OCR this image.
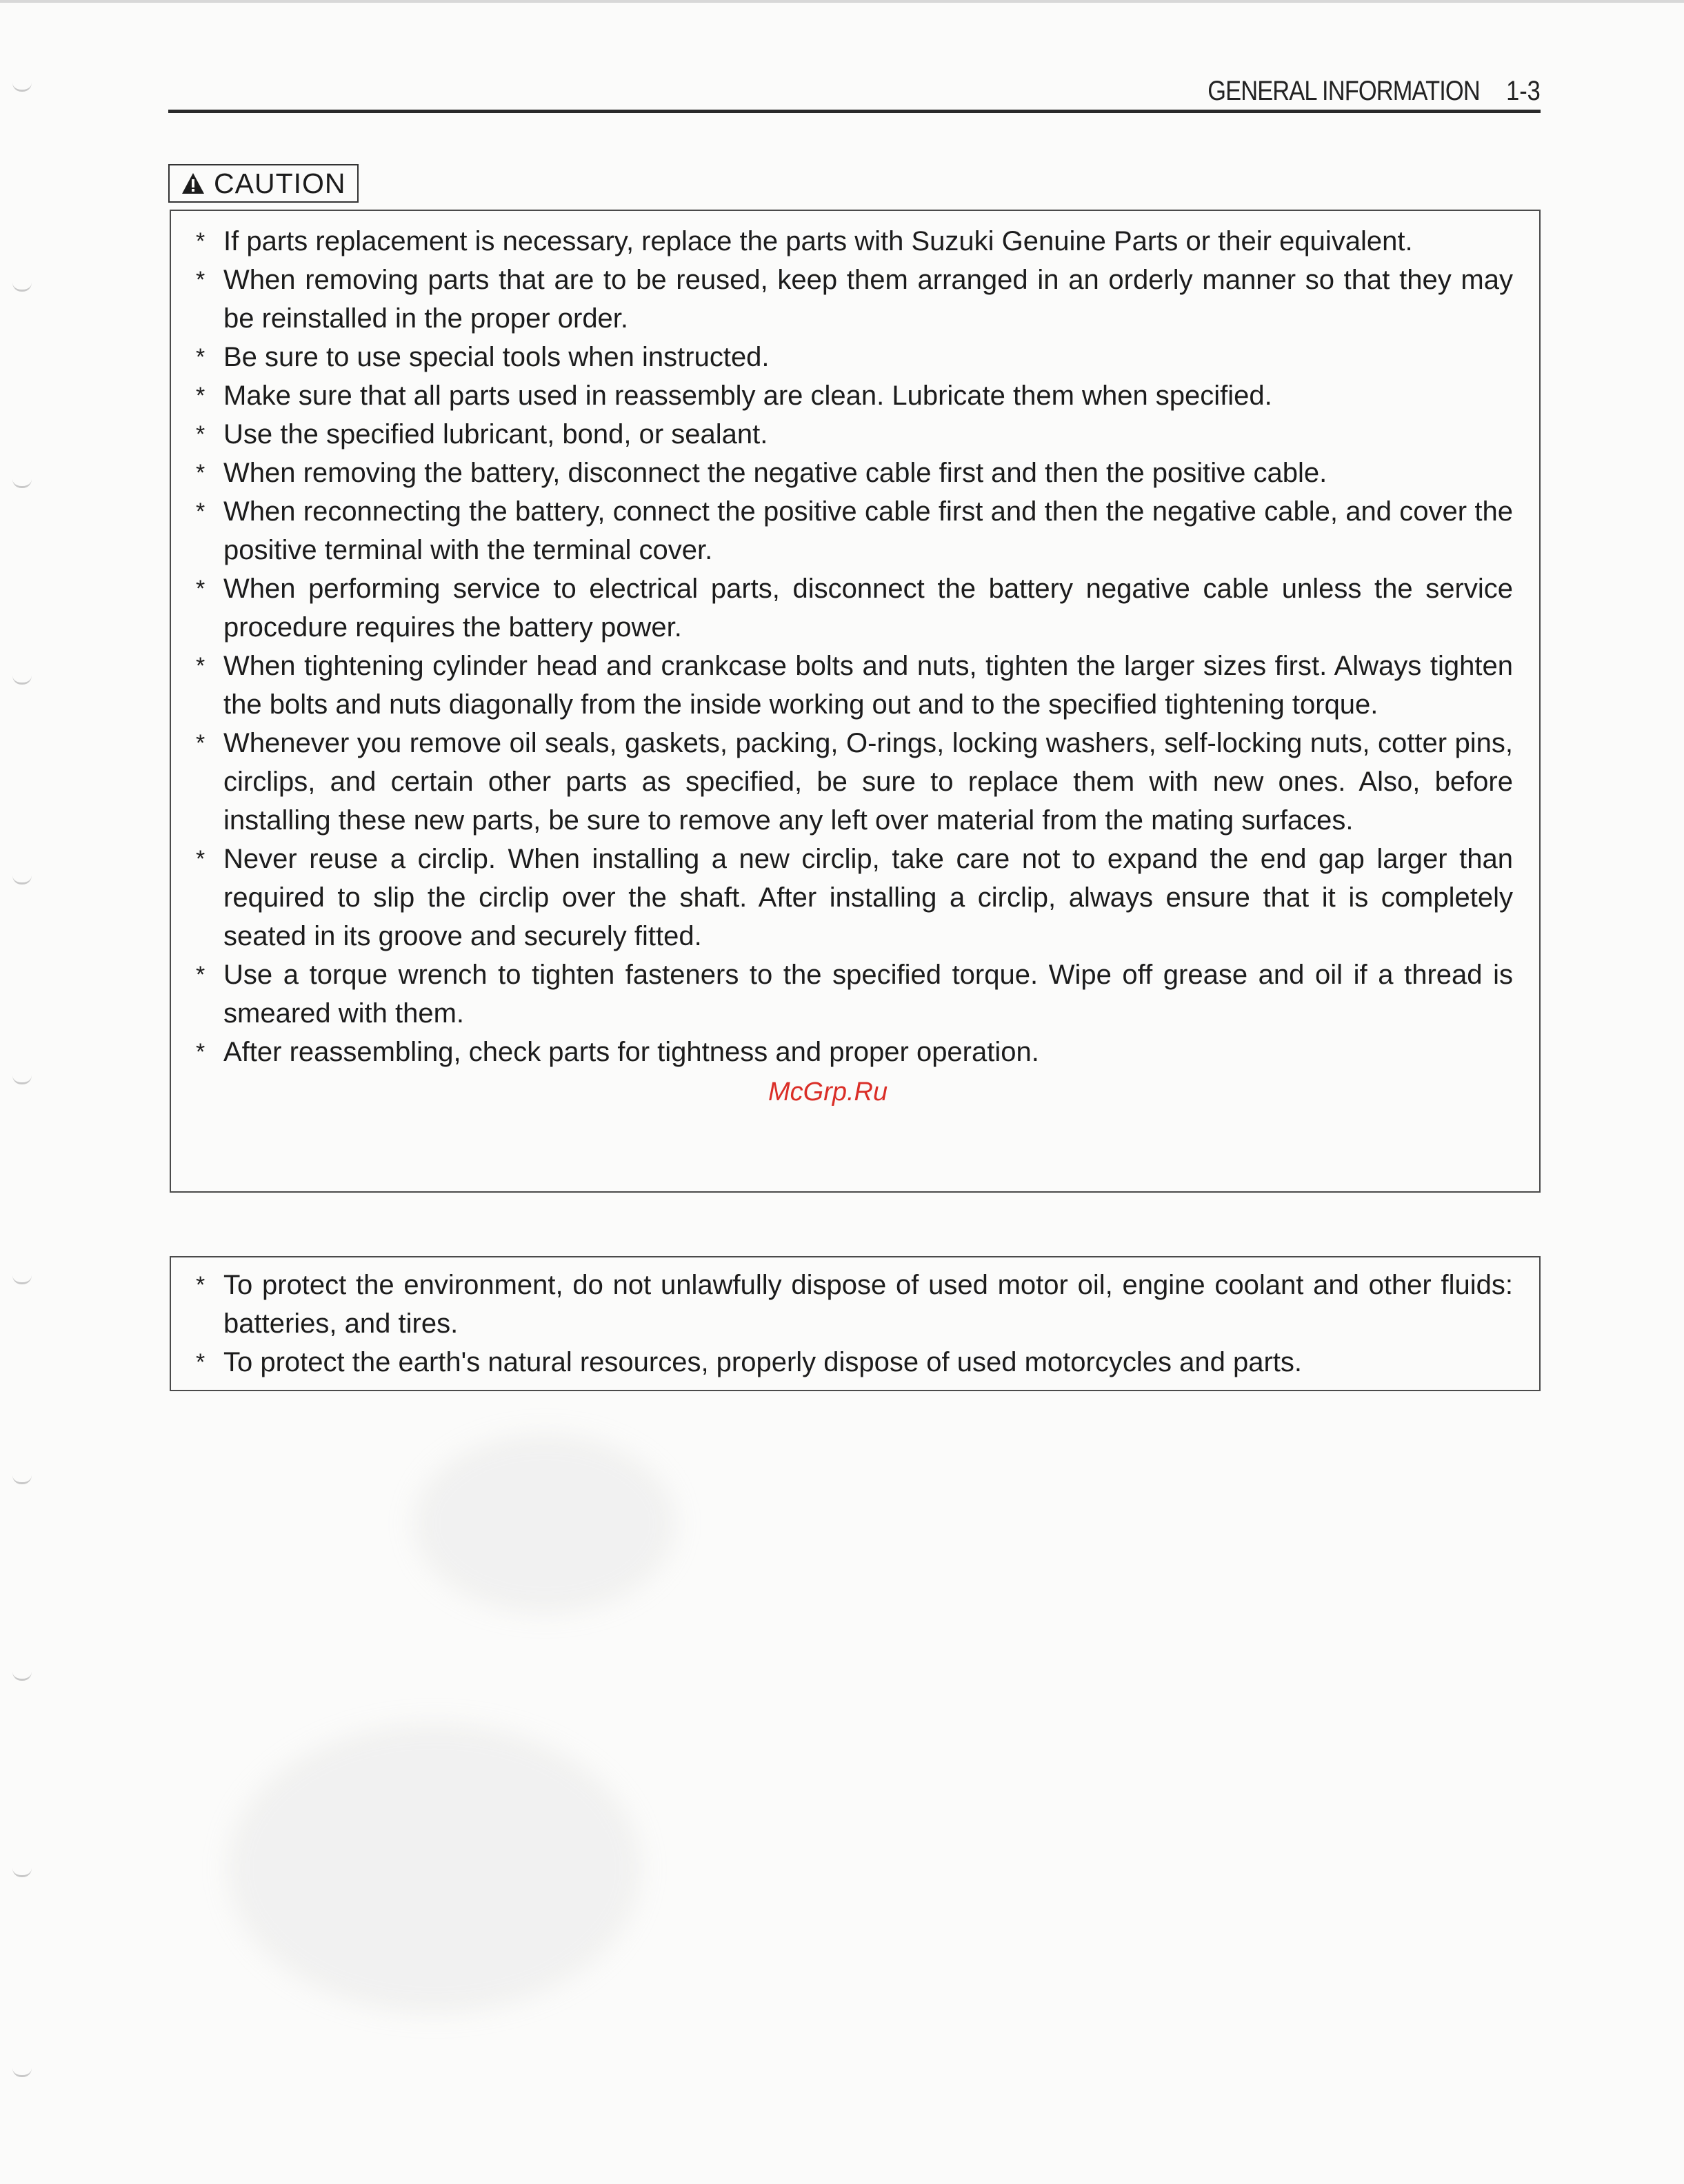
GENERAL INFORMATION 1-3
CAUTION
* If parts replacement is necessary, replace the parts with Suzuki Genuine Parts or their equivalent.
* When removing parts that are to be reused, keep them arranged in an orderly manner so that they may be reinstalled in the proper order.
* Be sure to use special tools when instructed.
* Make sure that all parts used in reassembly are clean. Lubricate them when specified.
* Use the specified lubricant, bond, or sealant.
* When removing the battery, disconnect the negative cable first and then the positive cable.
* When reconnecting the battery, connect the positive cable first and then the negative cable, and cover the positive terminal with the terminal cover.
* When performing service to electrical parts, disconnect the battery negative cable unless the service procedure requires the battery power.
* When tightening cylinder head and crankcase bolts and nuts, tighten the larger sizes first. Always tighten the bolts and nuts diagonally from the inside working out and to the specified tightening torque.
* Whenever you remove oil seals, gaskets, packing, O-rings, locking washers, self-locking nuts, cotter pins, circlips, and certain other parts as specified, be sure to replace them with new ones. Also, before installing these new parts, be sure to remove any left over material from the mating surfaces.
* Never reuse a circlip. When installing a new circlip, take care not to expand the end gap larger than required to slip the circlip over the shaft. After installing a circlip, always ensure that it is completely seated in its groove and securely fitted.
* Use a torque wrench to tighten fasteners to the specified torque. Wipe off grease and oil if a thread is smeared with them.
* After reassembling, check parts for tightness and proper operation.
* To protect the environment, do not unlawfully dispose of used motor oil, engine coolant and other fluids: batteries, and tires.
* To protect the earth's natural resources, properly dispose of used motorcycles and parts.
McGrp.Ru
